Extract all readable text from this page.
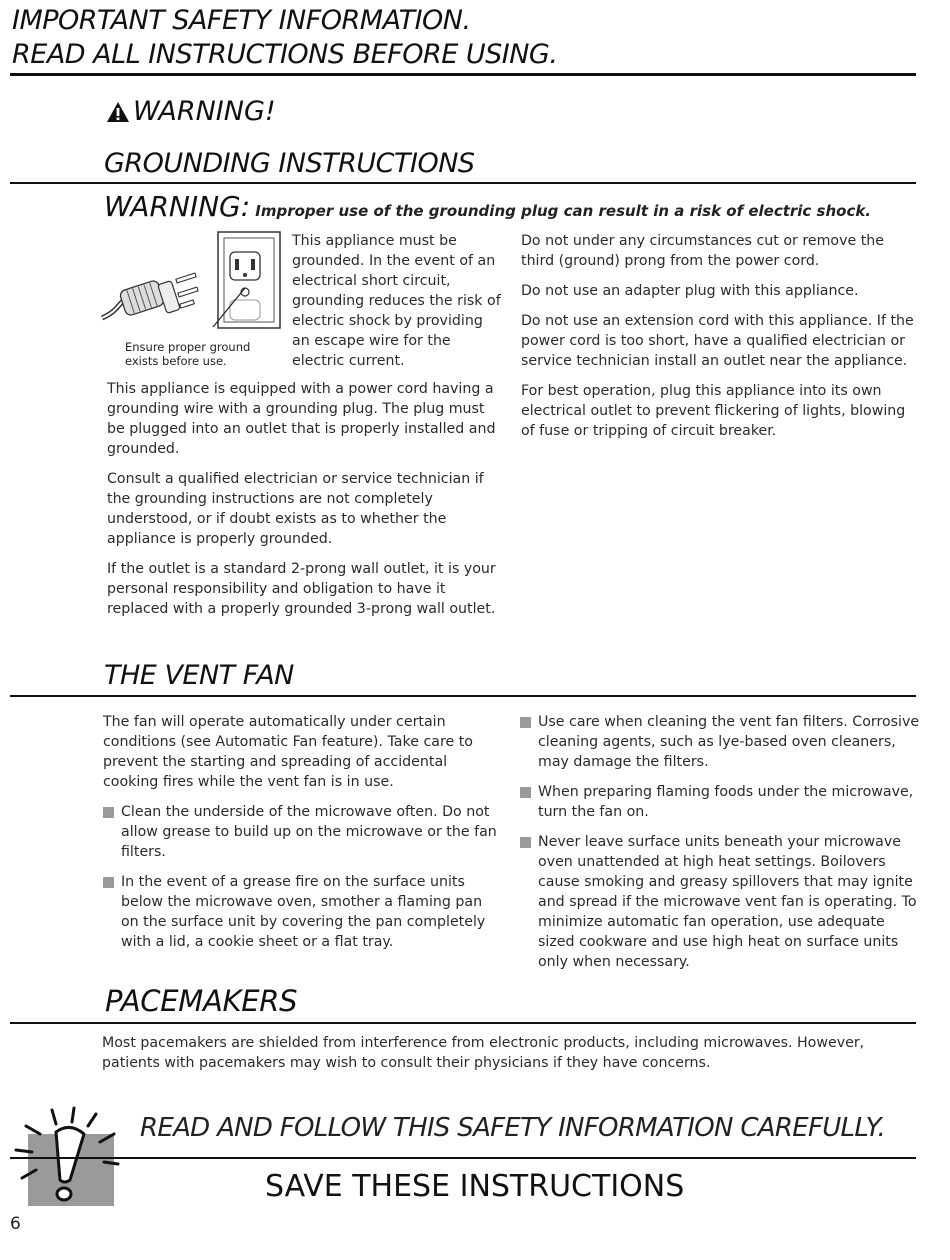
IMPORTANT SAFETY INFORMATION.
READ ALL INSTRUCTIONS BEFORE USING.
WARNING!
GROUNDING INSTRUCTIONS
WARNING: Improper use of the grounding plug can result in a risk of electric shock.
Ensure proper ground
exists before use.
This appliance must be grounded. In the event of an electrical short circuit, grounding reduces the risk of electric shock by providing an escape wire for the electric current.

This appliance is equipped with a power cord having a grounding wire with a grounding plug. The plug must be plugged into an outlet that is properly installed and grounded.

Consult a qualified electrician or service technician if the grounding instructions are not completely understood, or if doubt exists as to whether the appliance is properly grounded.

If the outlet is a standard 2-prong wall outlet, it is your personal responsibility and obligation to have it replaced with a properly grounded 3-prong wall outlet.

Do not under any circumstances cut or remove the third (ground) prong from the power cord.

Do not use an adapter plug with this appliance.

Do not use an extension cord with this appliance. If the power cord is too short, have a qualified electrician or service technician install an outlet near the appliance.

For best operation, plug this appliance into its own electrical outlet to prevent flickering of lights, blowing of fuse or tripping of circuit breaker.

THE VENT FAN

The fan will operate automatically under certain conditions (see Automatic Fan feature). Take care to prevent the starting and spreading of accidental cooking fires while the vent fan is in use.

Clean the underside of the microwave often. Do not allow grease to build up on the microwave or the fan filters.
In the event of a grease fire on the surface units below the microwave oven, smother a flaming pan on the surface unit by covering the pan completely with a lid, a cookie sheet or a flat tray.
Use care when cleaning the vent fan filters. Corrosive cleaning agents, such as lye-based oven cleaners, may damage the filters.
When preparing flaming foods under the microwave, turn the fan on.
Never leave surface units beneath your microwave oven unattended at high heat settings. Boilovers cause smoking and greasy spillovers that may ignite and spread if the microwave vent fan is operating. To minimize automatic fan operation, use adequate sized cookware and use high heat on surface units only when necessary.
PACEMAKERS
Most pacemakers are shielded from interference from electronic products, including microwaves. However, patients with pacemakers may wish to consult their physicians if they have concerns.
READ AND FOLLOW THIS SAFETY INFORMATION CAREFULLY.
SAVE THESE INSTRUCTIONS
6
